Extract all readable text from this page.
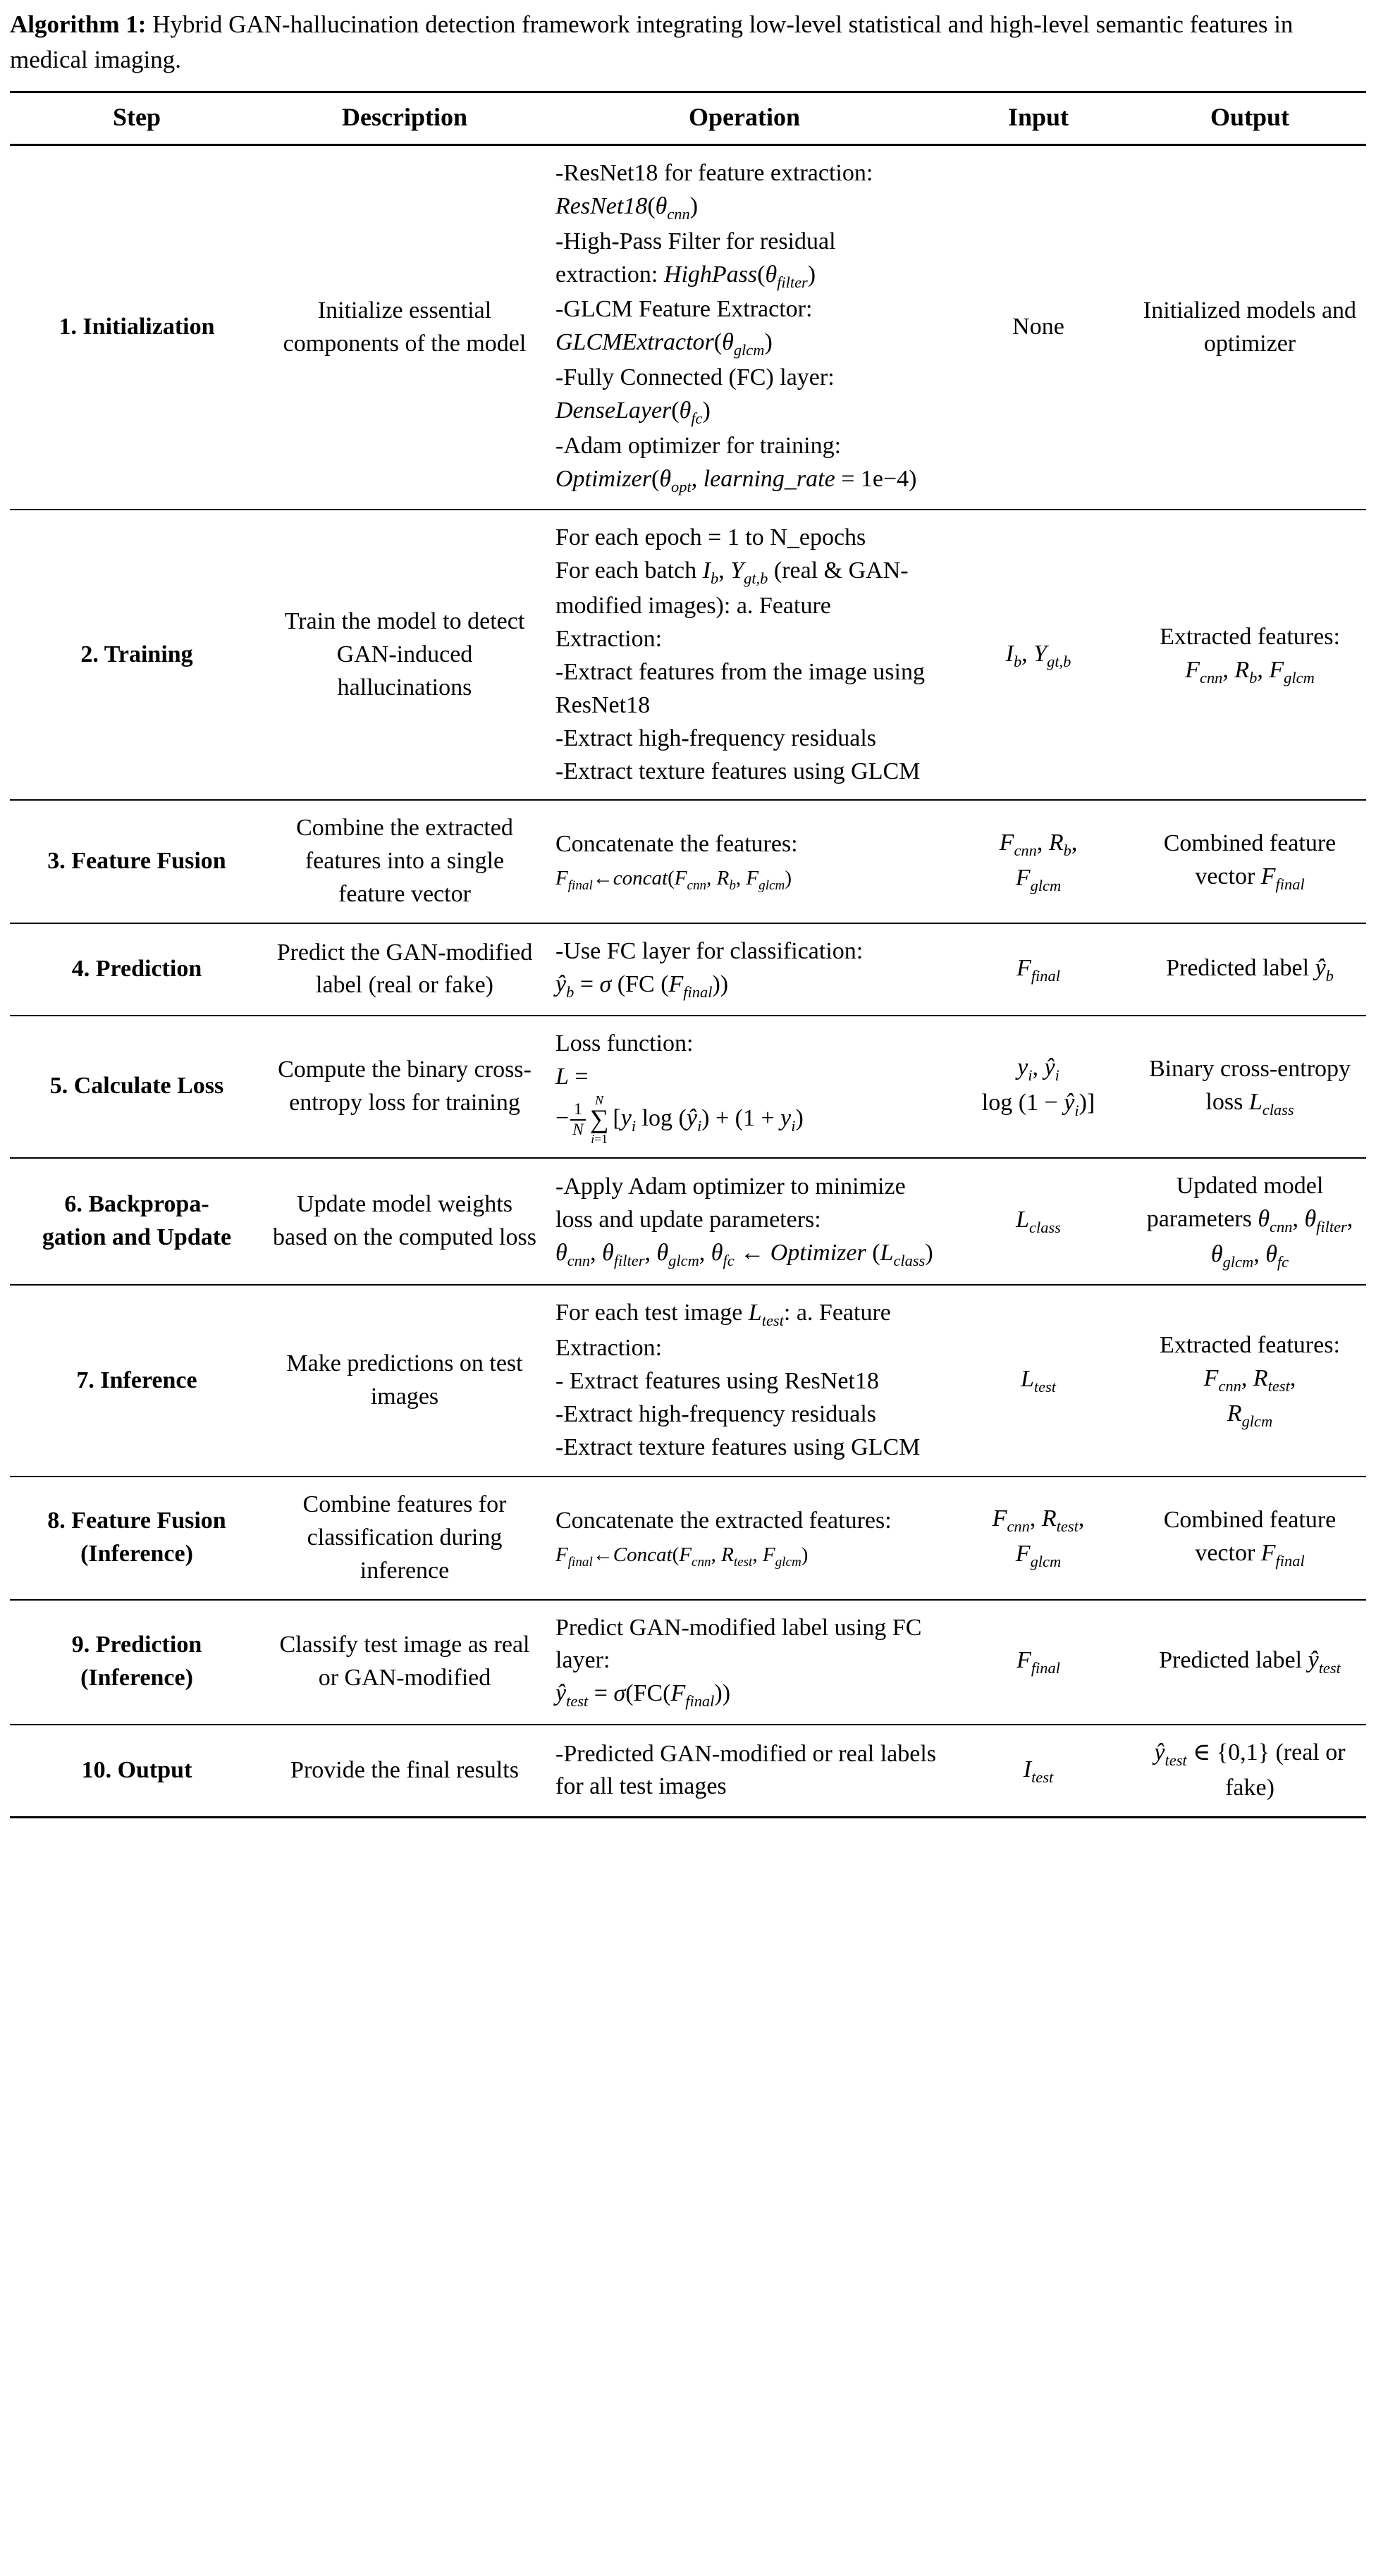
Algorithm 1: Hybrid GAN-hallucination detection framework integrating low-level statistical and high-level semantic features in medical imaging.

Step	Description	Operation	Input	Output
1. Initialization	Initialize essential components of the model	-ResNet18 for feature extraction: $ResNet18(\theta_{cnn})$
-High-Pass Filter for residual extraction: $HighPass(\theta_{filter})$
-GLCM Feature Extractor: $GLCMExtractor(\theta_{glcm})$
-Fully Connected (FC) layer: $DenseLayer(\theta_{fc})$
-Adam optimizer for training: $Optimizer(\theta_{opt}$, learning_rate = 1e−4)	None	Initialized models and optimizer
2. Training	Train the model to detect GAN-induced hallucinations	For each epoch = 1 to N_epochs
For each batch $I_b$, $Y_{gt,b}$ (real & GAN-modified images): a. Feature Extraction:
-Extract features from the image using ResNet18
-Extract high-frequency residuals
-Extract texture features using GLCM	$I_b$, $Y_{gt,b}$	Extracted features:
$F_{cnn}$, $R_b$, $F_{glcm}$
3. Feature Fusion	Combine the extracted features into a single feature vector	Concatenate the features:
$F_{final}\leftarrow concat(F_{cnn}$, $R_b$, $F_{glcm}$)	$F_{cnn}$, $R_b$,
$F_{glcm}$	Combined feature vector $F_{final}$
4. Prediction	Predict the GAN-modified label (real or fake)	-Use FC layer for classification:
$ŷ_b = \sigma$ (FC $(F_{final})$)	$F_{final}$	Predicted label $ŷ_b$
5. Calculate Loss	Compute the binary cross-entropy loss for training	Loss function:
L =
− $\frac{1}{N}$
N
∑
i=1
[$y_i$ $\log (ŷ_i) + (1 + y_i)$	$y_i$, $ŷ_i$
$\log (1 - ŷ_i)$]	Binary cross-entropy loss $L_{class}$
6. Backpropa-
gation and Update	Update model weights based on the computed loss	-Apply Adam optimizer to minimize loss and update parameters:
$\theta_{cnn}$, $\theta_{filter}$, $\theta_{glcm}$, $\theta_{fc}$ ← Optimizer $(L_{class})$	$L_{class}$	Updated model parameters $\theta_{cnn}$, $\theta_{filter}$, $\theta_{glcm}$, $\theta_{fc}$
7. Inference	Make predictions on test images	For each test image $L_{test}$: a. Feature Extraction:
- Extract features using ResNet18
-Extract high-frequency residuals
-Extract texture features using GLCM	$L_{test}$	Extracted features:
$F_{cnn}$, $R_{test}$,
$R_{glcm}$
8. Feature Fusion (Inference)	Combine features for classification during inference	Concatenate the extracted features:
$F_{final}\leftarrow Concat(F_{cnn}$, $R_{test}$, $F_{glcm}$)	$F_{cnn}$, $R_{test}$,
$F_{glcm}$	Combined feature vector $F_{final}$
9. Prediction (Inference)	Classify test image as real or GAN-modified	Predict GAN-modified label using FC layer:
$ŷ_{test} = \sigma(FC(F_{final}))$	$F_{final}$	Predicted label $ŷ_{test}$
10. Output	Provide the final results	-Predicted GAN-modified or real labels for all test images	$I_{test}$	$ŷ_{test}$ ∈ {0,1} (real or fake)
